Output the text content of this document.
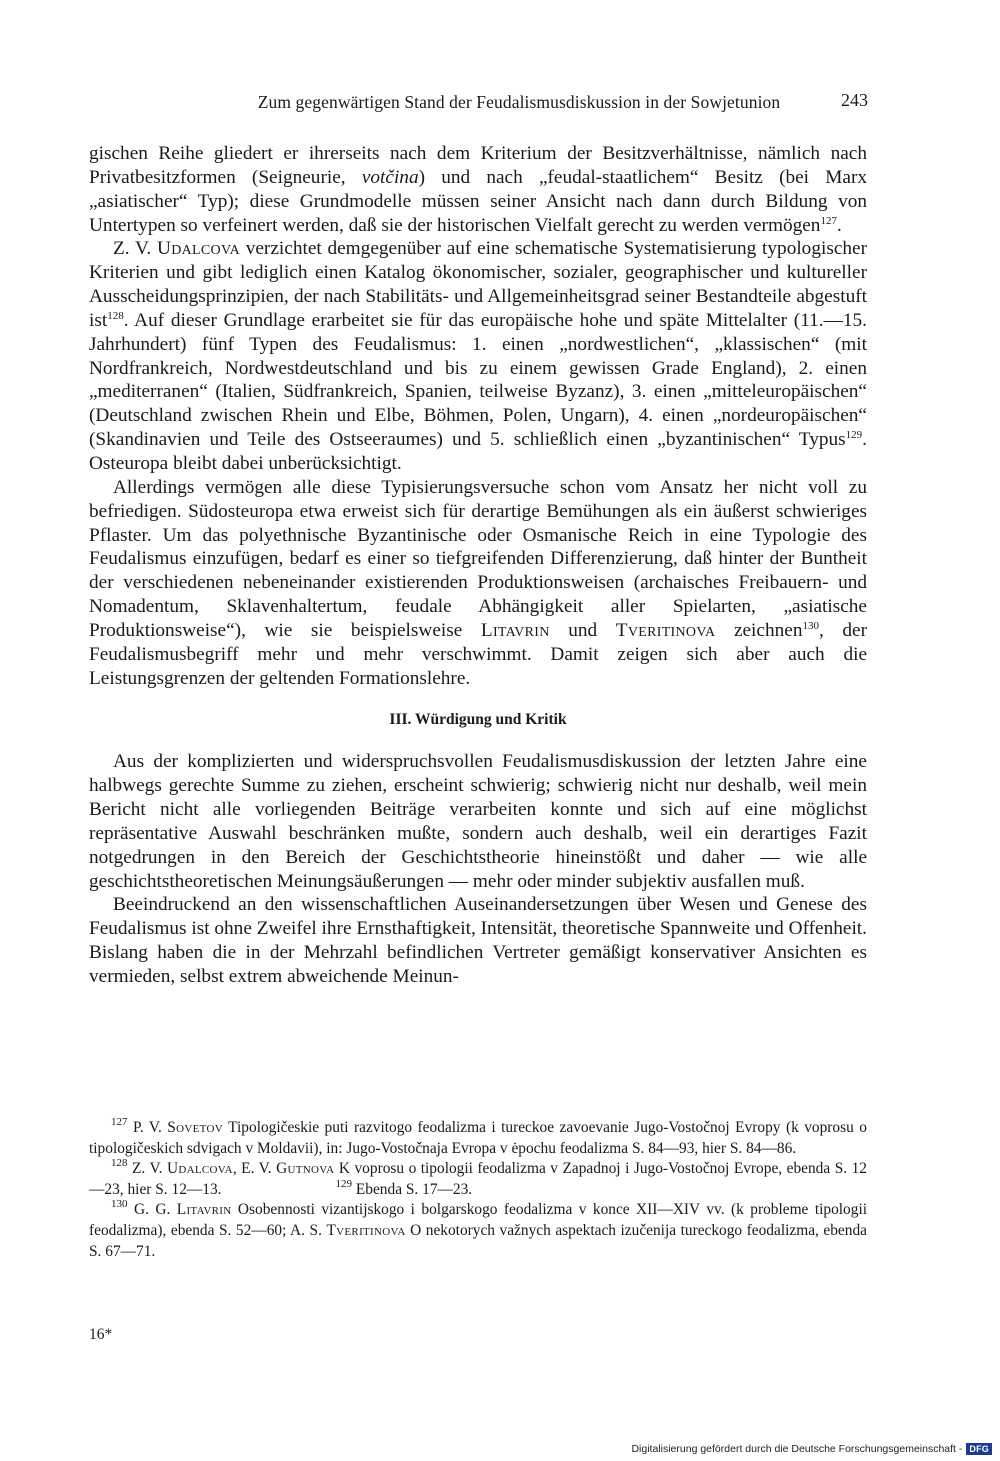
Zum gegenwärtigen Stand der Feudalismusdiskussion in der Sowjetunion	243

gischen Reihe gliedert er ihrerseits nach dem Kriterium der Besitzverhältnisse, nämlich nach Privatbesitzformen (Seigneurie, votčina) und nach „feudal-staatlichem“ Besitz (bei Marx „asiatischer“ Typ); diese Grundmodelle müssen seiner Ansicht nach dann durch Bildung von Untertypen so verfeinert werden, daß sie der historischen Vielfalt gerecht zu werden vermögen$^{127}$.

Z. V. Udalcova verzichtet demgegenüber auf eine schematische Systematisierung typologischer Kriterien und gibt lediglich einen Katalog ökonomischer, sozialer, geographischer und kultureller Ausscheidungsprinzipien, der nach Stabilitäts- und Allgemeinheitsgrad seiner Bestandteile abgestuft ist$^{128}$. Auf dieser Grundlage erarbeitet sie für das europäische hohe und späte Mittelalter (11.—15. Jahrhundert) fünf Typen des Feudalismus: 1. einen „nordwestlichen“, „klassischen“ (mit Nordfrankreich, Nordwestdeutschland und bis zu einem gewissen Grade England), 2. einen „mediterranen“ (Italien, Südfrankreich, Spanien, teilweise Byzanz), 3. einen „mitteleuropäischen“ (Deutschland zwischen Rhein und Elbe, Böhmen, Polen, Ungarn), 4. einen „nordeuropäischen“ (Skandinavien und Teile des Ostseeraumes) und 5. schließlich einen „byzantinischen“ Typus$^{129}$. Osteuropa bleibt dabei unberücksichtigt.

Allerdings vermögen alle diese Typisierungsversuche schon vom Ansatz her nicht voll zu befriedigen. Südosteuropa etwa erweist sich für derartige Bemühungen als ein äußerst schwieriges Pflaster. Um das polyethnische Byzantinische oder Osmanische Reich in eine Typologie des Feudalismus einzufügen, bedarf es einer so tiefgreifenden Differenzierung, daß hinter der Buntheit der verschiedenen nebeneinander existierenden Produktionsweisen (archaisches Freibauern- und Nomadentum, Sklavenhaltertum, feudale Abhängigkeit aller Spielarten, „asiatische Produktionsweise“), wie sie beispielsweise Litavrin und Tveritinova zeichnen$^{130}$, der Feudalismusbegriff mehr und mehr verschwimmt. Damit zeigen sich aber auch die Leistungsgrenzen der geltenden Formationslehre.

III. Würdigung und Kritik

Aus der komplizierten und widerspruchsvollen Feudalismusdiskussion der letzten Jahre eine halbwegs gerechte Summe zu ziehen, erscheint schwierig; schwierig nicht nur deshalb, weil mein Bericht nicht alle vorliegenden Beiträge verarbeiten konnte und sich auf eine möglichst repräsentative Auswahl beschränken mußte, sondern auch deshalb, weil ein derartiges Fazit notgedrungen in den Bereich der Geschichtstheorie hineinstößt und daher — wie alle geschichtstheoretischen Meinungsäußerungen — mehr oder minder subjektiv ausfallen muß.

Beeindruckend an den wissenschaftlichen Auseinandersetzungen über Wesen und Genese des Feudalismus ist ohne Zweifel ihre Ernsthaftigkeit, Intensität, theoretische Spannweite und Offenheit. Bislang haben die in der Mehrzahl befindlichen Vertreter gemäßigt konservativer Ansichten es vermieden, selbst extrem abweichende Meinun-

$^{127}$ P. V. Sovetov Tipologičeskie puti razvitogo feodalizma i tureckoe zavoevanie Jugo-Vostočnoj Evropy (k voprosu o tipologičeskich sdvigach v Moldavii), in: Jugo-Vostočnaja Evropa v ėpochu feodalizma S. 84—93, hier S. 84—86.

$^{128}$ Z. V. Udalcova, E. V. Gutnova K voprosu o tipologii feodalizma v Zapadnoj i Jugo-Vostočnoj Evrope, ebenda S. 12—23, hier S. 12—13.	$^{129}$ Ebenda S. 17—23.

$^{130}$ G. G. Litavrin Osobennosti vizantijskogo i bolgarskogo feodalizma v konce XII—XIV vv. (k probleme tipologii feodalizma), ebenda S. 52—60; A. S. Tveritinova O nekotorych važnych aspektach izučenija tureckogo feodalizma, ebenda S. 67—71.

16*
Digitalisierung gefördert durch die Deutsche Forschungsgemeinschaft - DFG
